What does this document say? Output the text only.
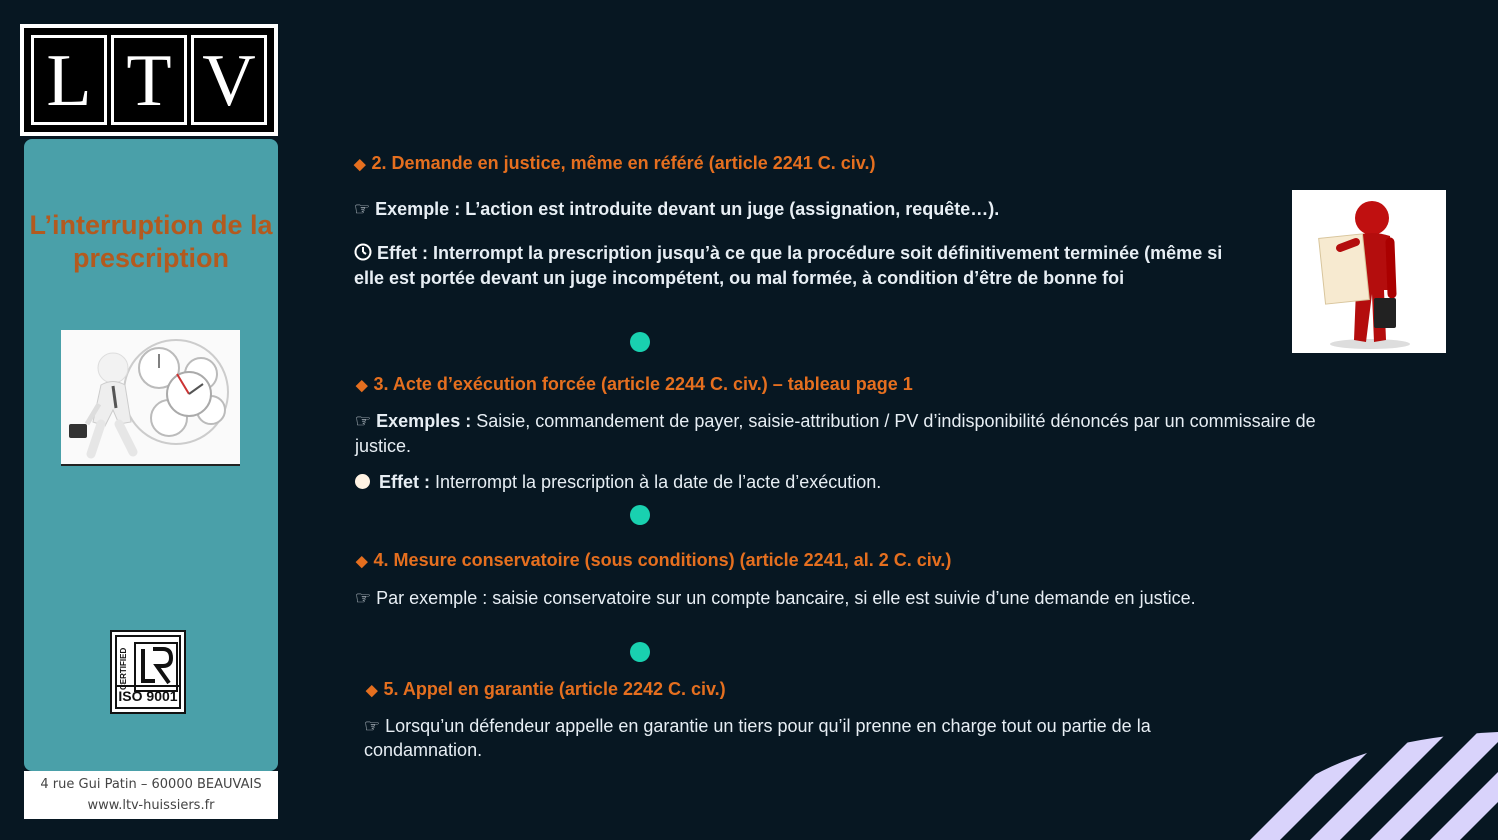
L T V
L’interruption de la prescription
CERTIFIED
ISO 9001
4 rue Gui Patin – 60000 BEAUVAIS
www.ltv-huissiers.fr
◆ 2. Demande en justice, même en référé (article 2241 C. civ.)
☞ Exemple : L’action est introduite devant un juge (assignation, requête…).
Effet : Interrompt la prescription jusqu’à ce que la procédure soit définitivement terminée (même si elle est portée devant un juge incompétent, ou mal formée, à condition d’être de bonne foi
◆ 3. Acte d’exécution forcée (article 2244 C. civ.) – tableau page 1
☞ Exemples : Saisie, commandement de payer, saisie-attribution / PV d’indisponibilité dénoncés par un commissaire de justice.
Effet : Interrompt la prescription à la date de l’acte d’exécution.
◆ 4. Mesure conservatoire (sous conditions) (article 2241, al. 2 C. civ.)
☞ Par exemple : saisie conservatoire sur un compte bancaire, si elle est suivie d’une demande en justice.
◆ 5. Appel en garantie (article 2242 C. civ.)
☞ Lorsqu’un défendeur appelle en garantie un tiers pour qu’il prenne en charge tout ou partie de la condamnation.
